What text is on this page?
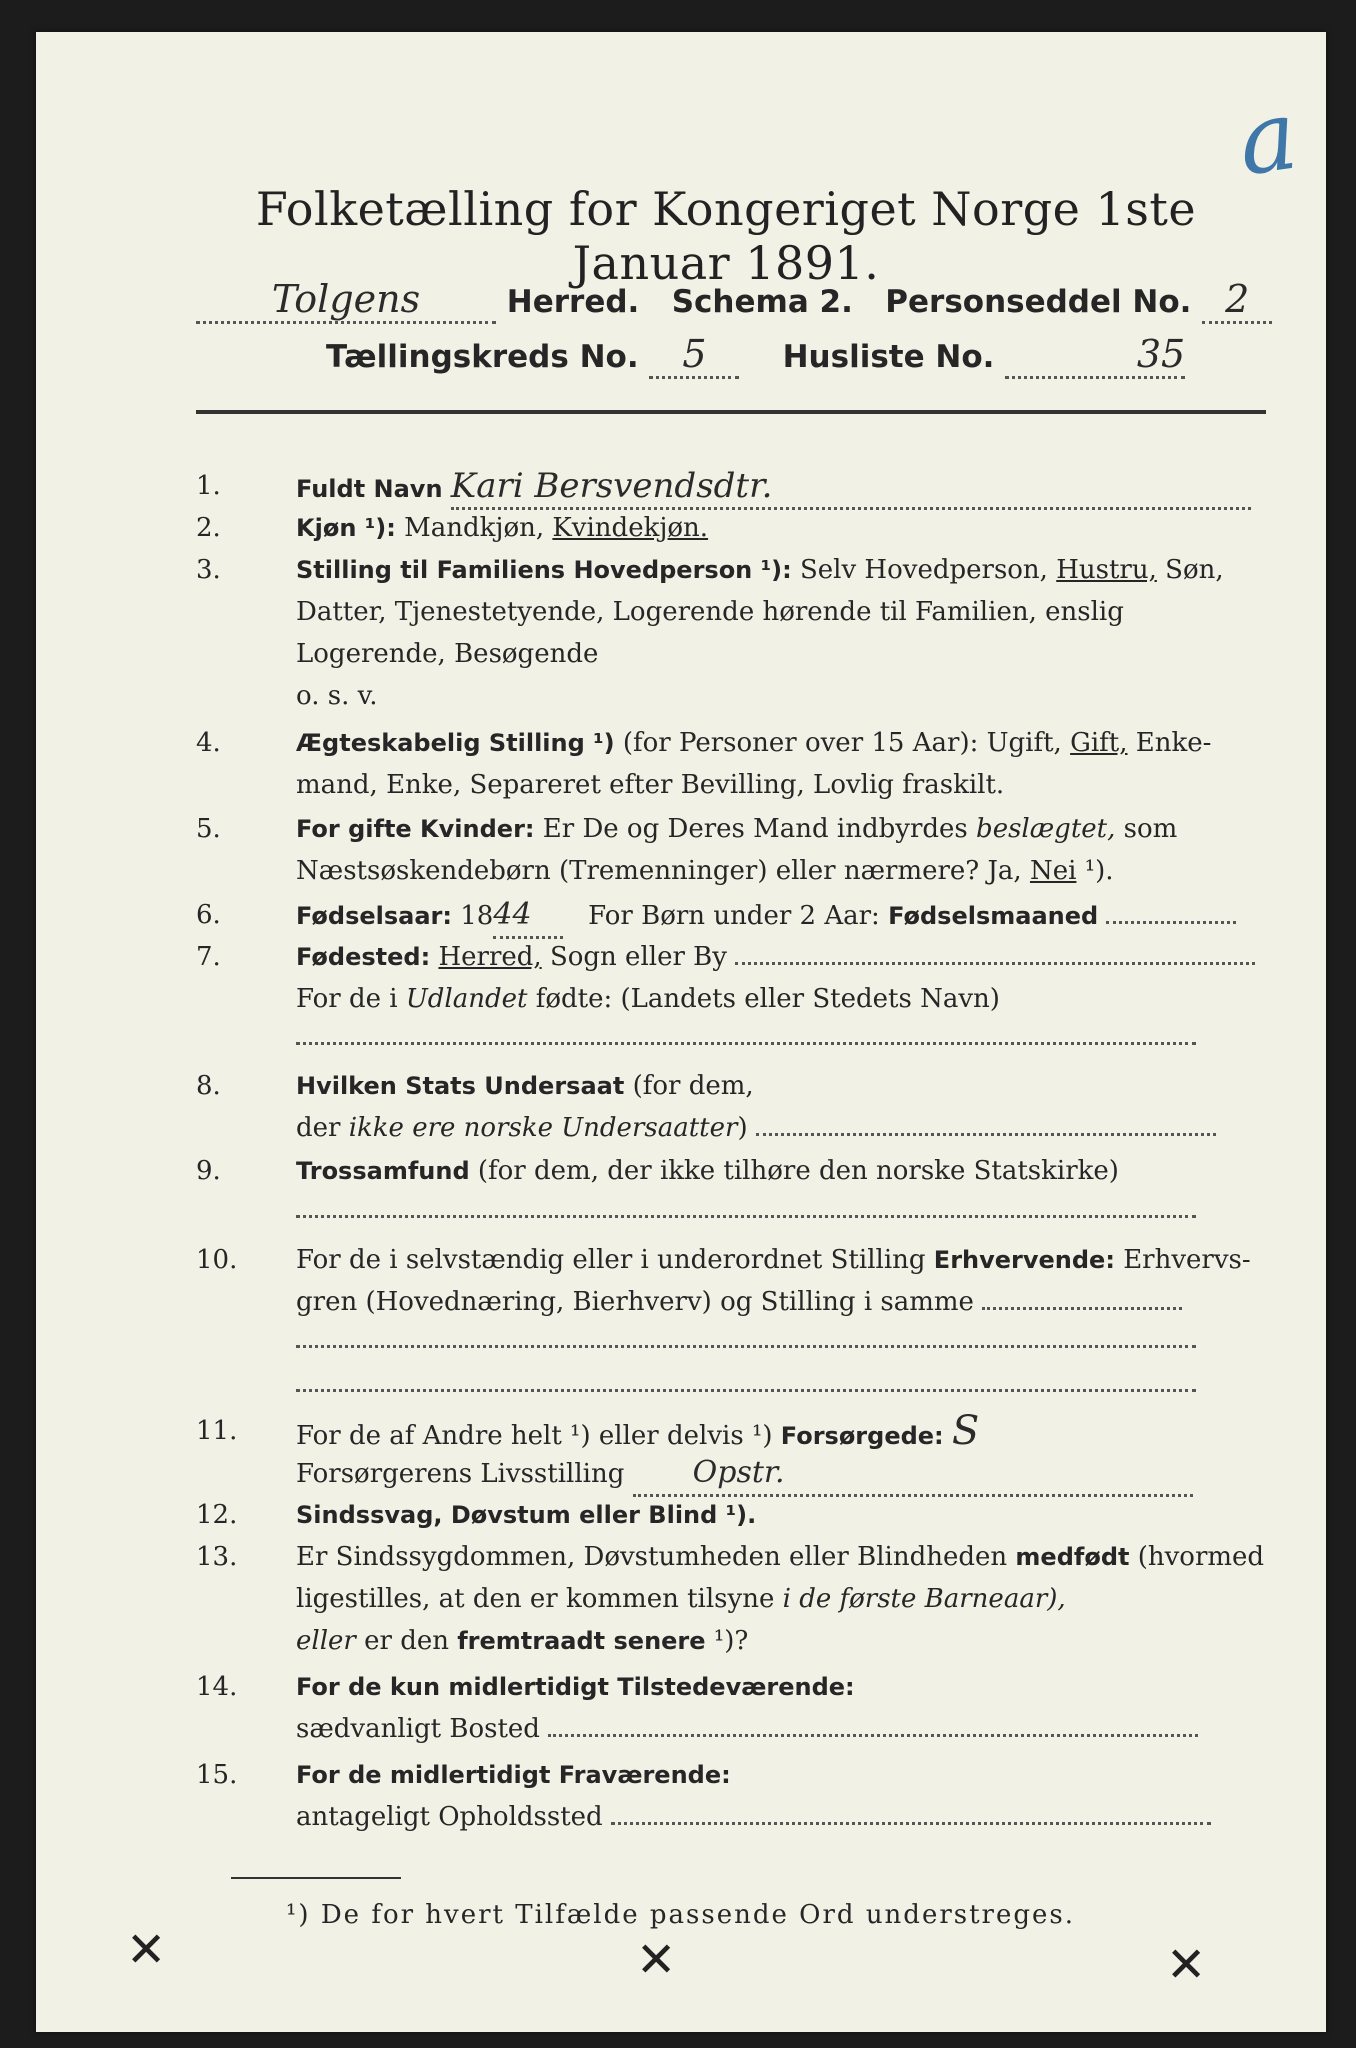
a
Folketælling for Kongeriget Norge 1ste Januar 1891.
Tolgens	Herred. Schema 2. Personseddel No. 2
Tællingskreds No. 5 Husliste No.	35
1.	Fuldt Navn Kari Bersvendsdtr.
2.	Kjøn ¹): Mandkjøn, Kvindekjøn.
3.	Stilling til Familiens Hovedperson ¹): Selv Hovedperson, Hustru, Søn,
Datter, Tjenestetyende, Logerende hørende til Familien, enslig
Logerende, Besøgende
o. s. v.
4.	Ægteskabelig Stilling ¹) (for Personer over 15 Aar): Ugift, Gift, Enke-
mand, Enke, Separeret efter Bevilling, Lovlig fraskilt.
5.	For gifte Kvinder: Er De og Deres Mand indbyrdes beslægtet, som
Næstsøskendebørn (Tremenninger) eller nærmere? Ja, Nei ¹).
6.	Fødselsaar: 1844 For Børn under 2 Aar: Fødselsmaaned
7.	Fødested: Herred, Sogn eller By
For de i Udlandet fødte: (Landets eller Stedets Navn)
8.	Hvilken Stats Undersaat (for dem,
der ikke ere norske Undersaatter)
9.	Trossamfund (for dem, der ikke tilhøre den norske Statskirke)
10.	For de i selvstændig eller i underordnet Stilling Erhvervende: Erhvervs-
gren (Hovednæring, Bierhverv) og Stilling i samme
11.	For de af Andre helt ¹) eller delvis ¹) Forsørgede: S
Forsørgerens Livsstilling Opstr.
12.	Sindssvag, Døvstum eller Blind ¹).
13.	Er Sindssygdommen, Døvstumheden eller Blindheden medfødt (hvormed
ligestilles, at den er kommen tilsyne i de første Barneaar),
eller er den fremtraadt senere ¹)?
14.	For de kun midlertidigt Tilstedeværende:
sædvanligt Bosted
15.	For de midlertidigt Fraværende:
antageligt Opholdssted
¹) De for hvert Tilfælde passende Ord understreges.
✕	✕	✕
